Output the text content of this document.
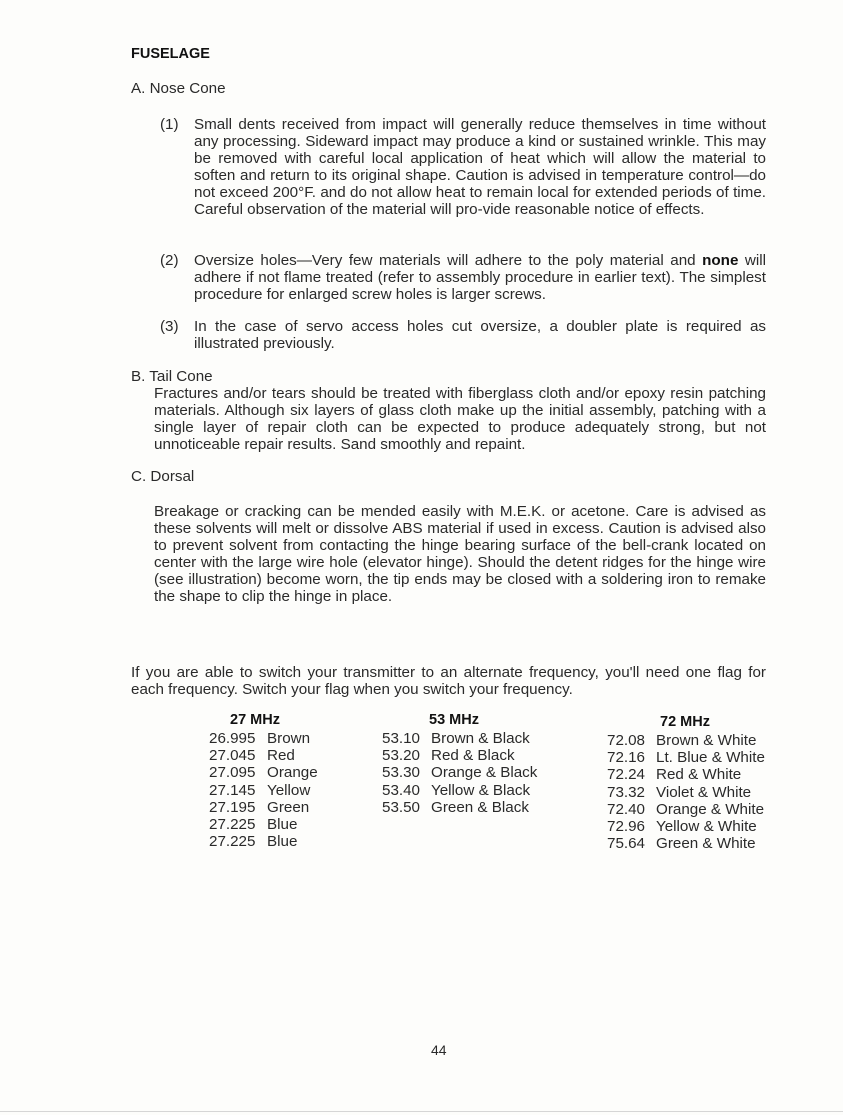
FUSELAGE
A. Nose Cone
(1) Small dents received from impact will generally reduce themselves in time without any processing. Sideward impact may produce a kind or sustained wrinkle. This may be removed with careful local application of heat which will allow the material to soften and return to its original shape. Caution is advised in temperature control—do not exceed 200°F. and do not allow heat to remain local for extended periods of time. Careful observation of the material will pro-vide reasonable notice of effects.

(2) Oversize holes—Very few materials will adhere to the poly material and none will adhere if not flame treated (refer to assembly procedure in earlier text). The simplest procedure for enlarged screw holes is larger screws.

(3) In the case of servo access holes cut oversize, a doubler plate is required as illustrated previously.

B. Tail Cone

Fractures and/or tears should be treated with fiberglass cloth and/or epoxy resin patching materials. Although six layers of glass cloth make up the initial assembly, patching with a single layer of repair cloth can be expected to produce adequately strong, but not unnoticeable repair results. Sand smoothly and repaint.

C. Dorsal

Breakage or cracking can be mended easily with M.E.K. or acetone. Care is advised as these solvents will melt or dissolve ABS material if used in excess. Caution is advised also to prevent solvent from contacting the hinge bearing surface of the bell-crank located on center with the large wire hole (elevator hinge). Should the detent ridges for the hinge wire (see illustration) become worn, the tip ends may be closed with a soldering iron to remake the shape to clip the hinge in place.

If you are able to switch your transmitter to an alternate frequency, you'll need one flag for each frequency. Switch your flag when you switch your frequency.

27 MHz	53 MHz	72 MHz
26.995 Brown
27.045 Red
27.095 Orange
27.145 Yellow
27.195 Green
27.225 Blue
27.225 Blue
53.10 Brown & Black
53.20 Red & Black
53.30 Orange & Black
53.40 Yellow & Black
53.50 Green & Black
72.08 Brown & White
72.16 Lt. Blue & White
72.24 Red & White
73.32 Violet & White
72.40 Orange & White
72.96 Yellow & White
75.64 Green & White
44
